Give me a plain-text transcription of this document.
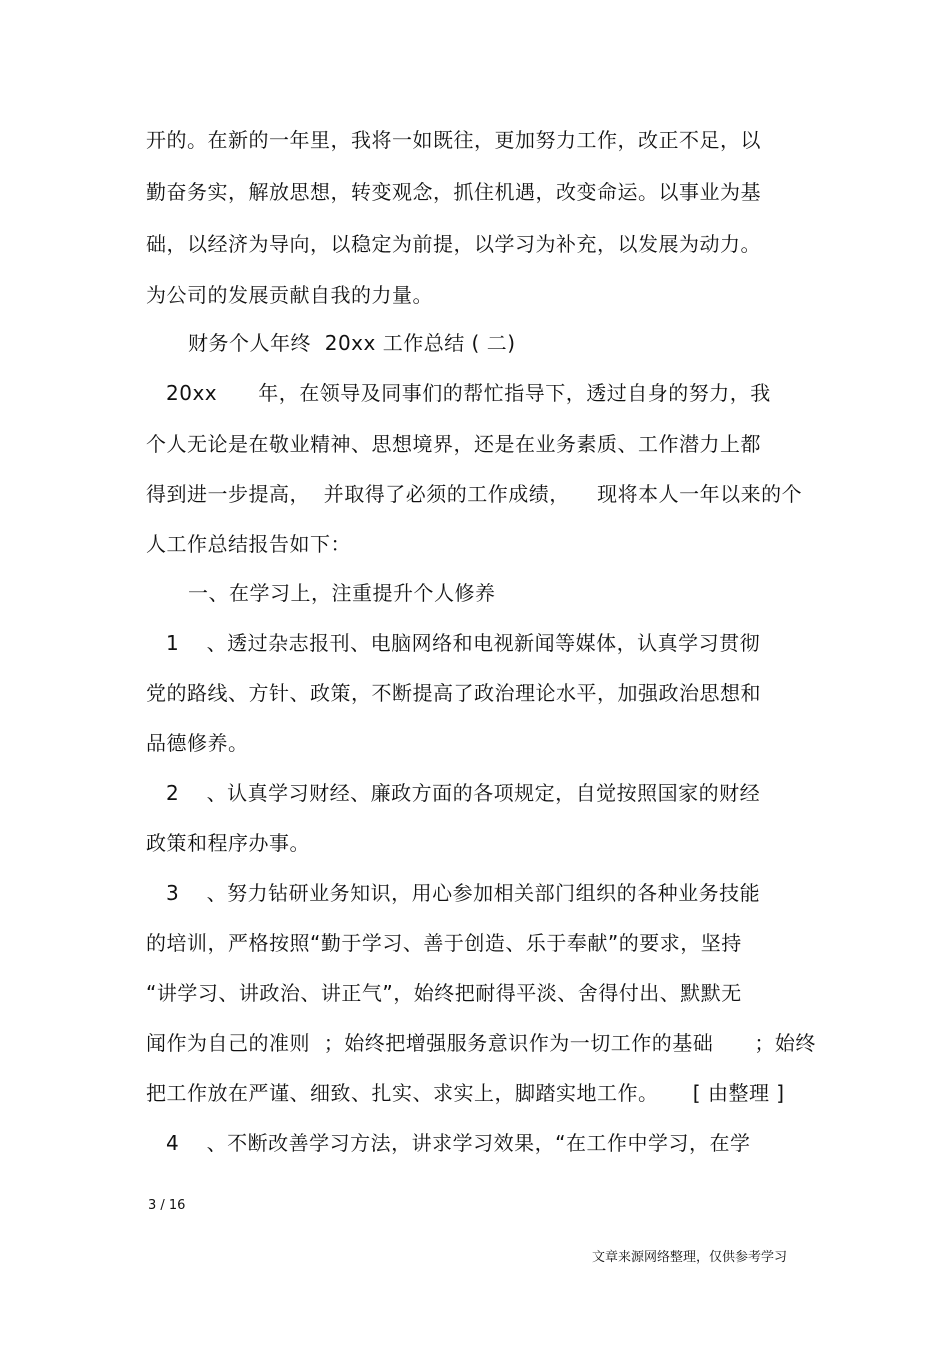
开的。在新的一年里，我将一如既往，更加努力工作，改正不足，以
勤奋务实，解放思想，转变观念，抓住机遇，改变命运。以事业为基
础，以经济为导向，以稳定为前提，以学习为补充，以发展为动力。
为公司的发展贡献自我的力量。
财务个人年终  20xx 工作总结 ( 二)
20xx      年，在领导及同事们的帮忙指导下，透过自身的努力，我
个人无论是在敬业精神、思想境界，还是在业务素质、工作潜力上都
得到进一步提高，  并取得了必须的工作成绩，    现将本人一年以来的个
人工作总结报告如下：
一、在学习上，注重提升个人修养
1    、透过杂志报刊、电脑网络和电视新闻等媒体，认真学习贯彻
党的路线、方针、政策，不断提高了政治理论水平，加强政治思想和
品德修养。
2    、认真学习财经、廉政方面的各项规定，自觉按照国家的财经
政策和程序办事。
3    、努力钻研业务知识，用心参加相关部门组织的各种业务技能
的培训，严格按照“勤于学习、善于创造、乐于奉献”的要求，坚持
“讲学习、讲政治、讲正气”，始终把耐得平淡、舍得付出、默默无
闻作为自己的准则  ；始终把增强服务意识作为一切工作的基础      ；始终
把工作放在严谨、细致、扎实、求实上，脚踏实地工作。     [ 由整理 ]
4    、不断改善学习方法，讲求学习效果，“在工作中学习，在学
3 / 16
文章来源网络整理，仅供参考学习
